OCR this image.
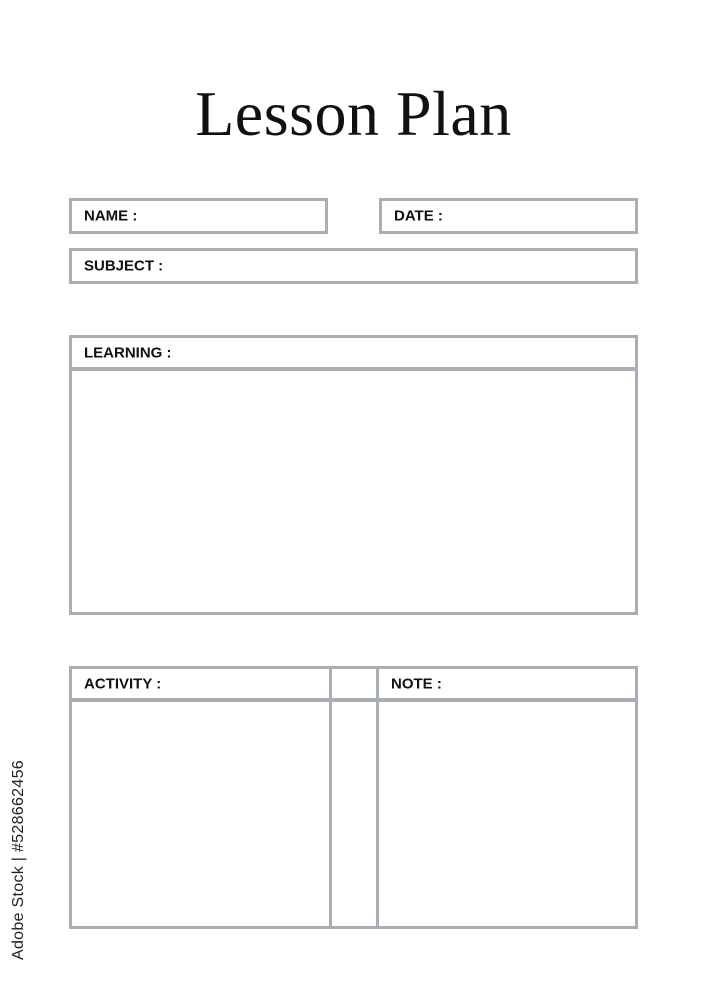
Lesson Plan
NAME :	DATE :
SUBJECT :
LEARNING :
ACTIVITY :	NOTE :
Adobe Stock | #528662456
